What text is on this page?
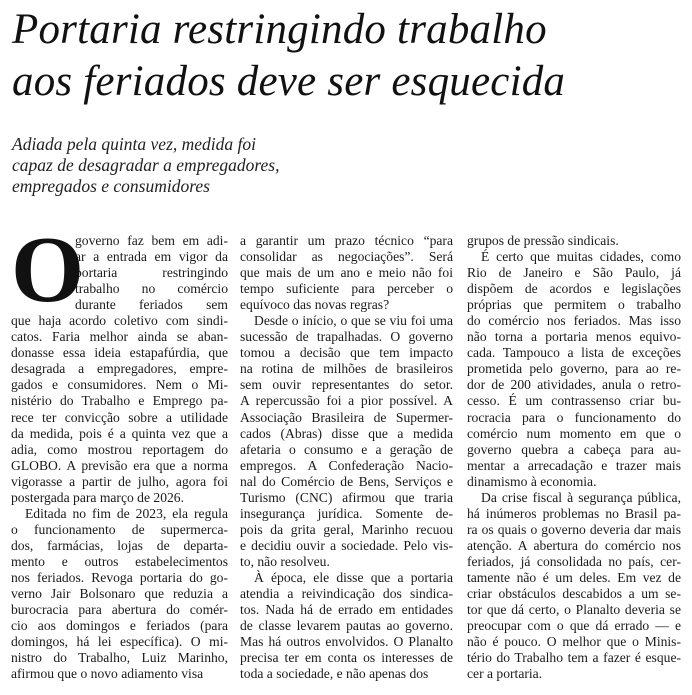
Portaria restringindo trabalho
aos feriados deve ser esquecida
Adiada pela quinta vez, medida foi
capaz de desagradar a empregadores,
empregados e consumidores
O
governo faz bem em adi-
ar a entrada em vigor da
portaria restringindo
trabalho no comércio
durante feriados sem
que haja acordo coletivo com sindi-
catos. Faria melhor ainda se aban-
donasse essa ideia estapafúrdia, que
desagrada a empregadores, empre-
gados e consumidores. Nem o Mi-
nistério do Trabalho e Emprego pa-
rece ter convicção sobre a utilidade
da medida, pois é a quinta vez que a
adia, como mostrou reportagem do
GLOBO. A previsão era que a norma
vigorasse a partir de julho, agora foi
postergada para março de 2026.
Editada no fim de 2023, ela regula
o funcionamento de supermerca-
dos, farmácias, lojas de departa-
mento e outros estabelecimentos
nos feriados. Revoga portaria do go-
verno Jair Bolsonaro que reduzia a
burocracia para abertura do comér-
cio aos domingos e feriados (para
domingos, há lei específica). O mi-
nistro do Trabalho, Luiz Marinho,
afirmou que o novo adiamento visa
a garantir um prazo técnico “para
consolidar as negociações”. Será
que mais de um ano e meio não foi
tempo suficiente para perceber o
equívoco das novas regras?
Desde o início, o que se viu foi uma
sucessão de trapalhadas. O governo
tomou a decisão que tem impacto
na rotina de milhões de brasileiros
sem ouvir representantes do setor.
A repercussão foi a pior possível. A
Associação Brasileira de Supermer-
cados (Abras) disse que a medida
afetaria o consumo e a geração de
empregos. A Confederação Nacio-
nal do Comércio de Bens, Serviços e
Turismo (CNC) afirmou que traria
insegurança jurídica. Somente de-
pois da grita geral, Marinho recuou
e decidiu ouvir a sociedade. Pelo vis-
to, não resolveu.
À época, ele disse que a portaria
atendia a reivindicação dos sindica-
tos. Nada há de errado em entidades
de classe levarem pautas ao governo.
Mas há outros envolvidos. O Planalto
precisa ter em conta os interesses de
toda a sociedade, e não apenas dos
grupos de pressão sindicais.
É certo que muitas cidades, como
Rio de Janeiro e São Paulo, já
dispõem de acordos e legislações
próprias que permitem o trabalho
do comércio nos feriados. Mas isso
não torna a portaria menos equivo-
cada. Tampouco a lista de exceções
prometida pelo governo, para ao re-
dor de 200 atividades, anula o retro-
cesso. É um contrassenso criar bu-
rocracia para o funcionamento do
comércio num momento em que o
governo quebra a cabeça para au-
mentar a arrecadação e trazer mais
dinamismo à economia.
Da crise fiscal à segurança pública,
há inúmeros problemas no Brasil pa-
ra os quais o governo deveria dar mais
atenção. A abertura do comércio nos
feriados, já consolidada no país, cer-
tamente não é um deles. Em vez de
criar obstáculos descabidos a um se-
tor que dá certo, o Planalto deveria se
preocupar com o que dá errado — e
não é pouco. O melhor que o Minis-
tério do Trabalho tem a fazer é esque-
cer a portaria.
